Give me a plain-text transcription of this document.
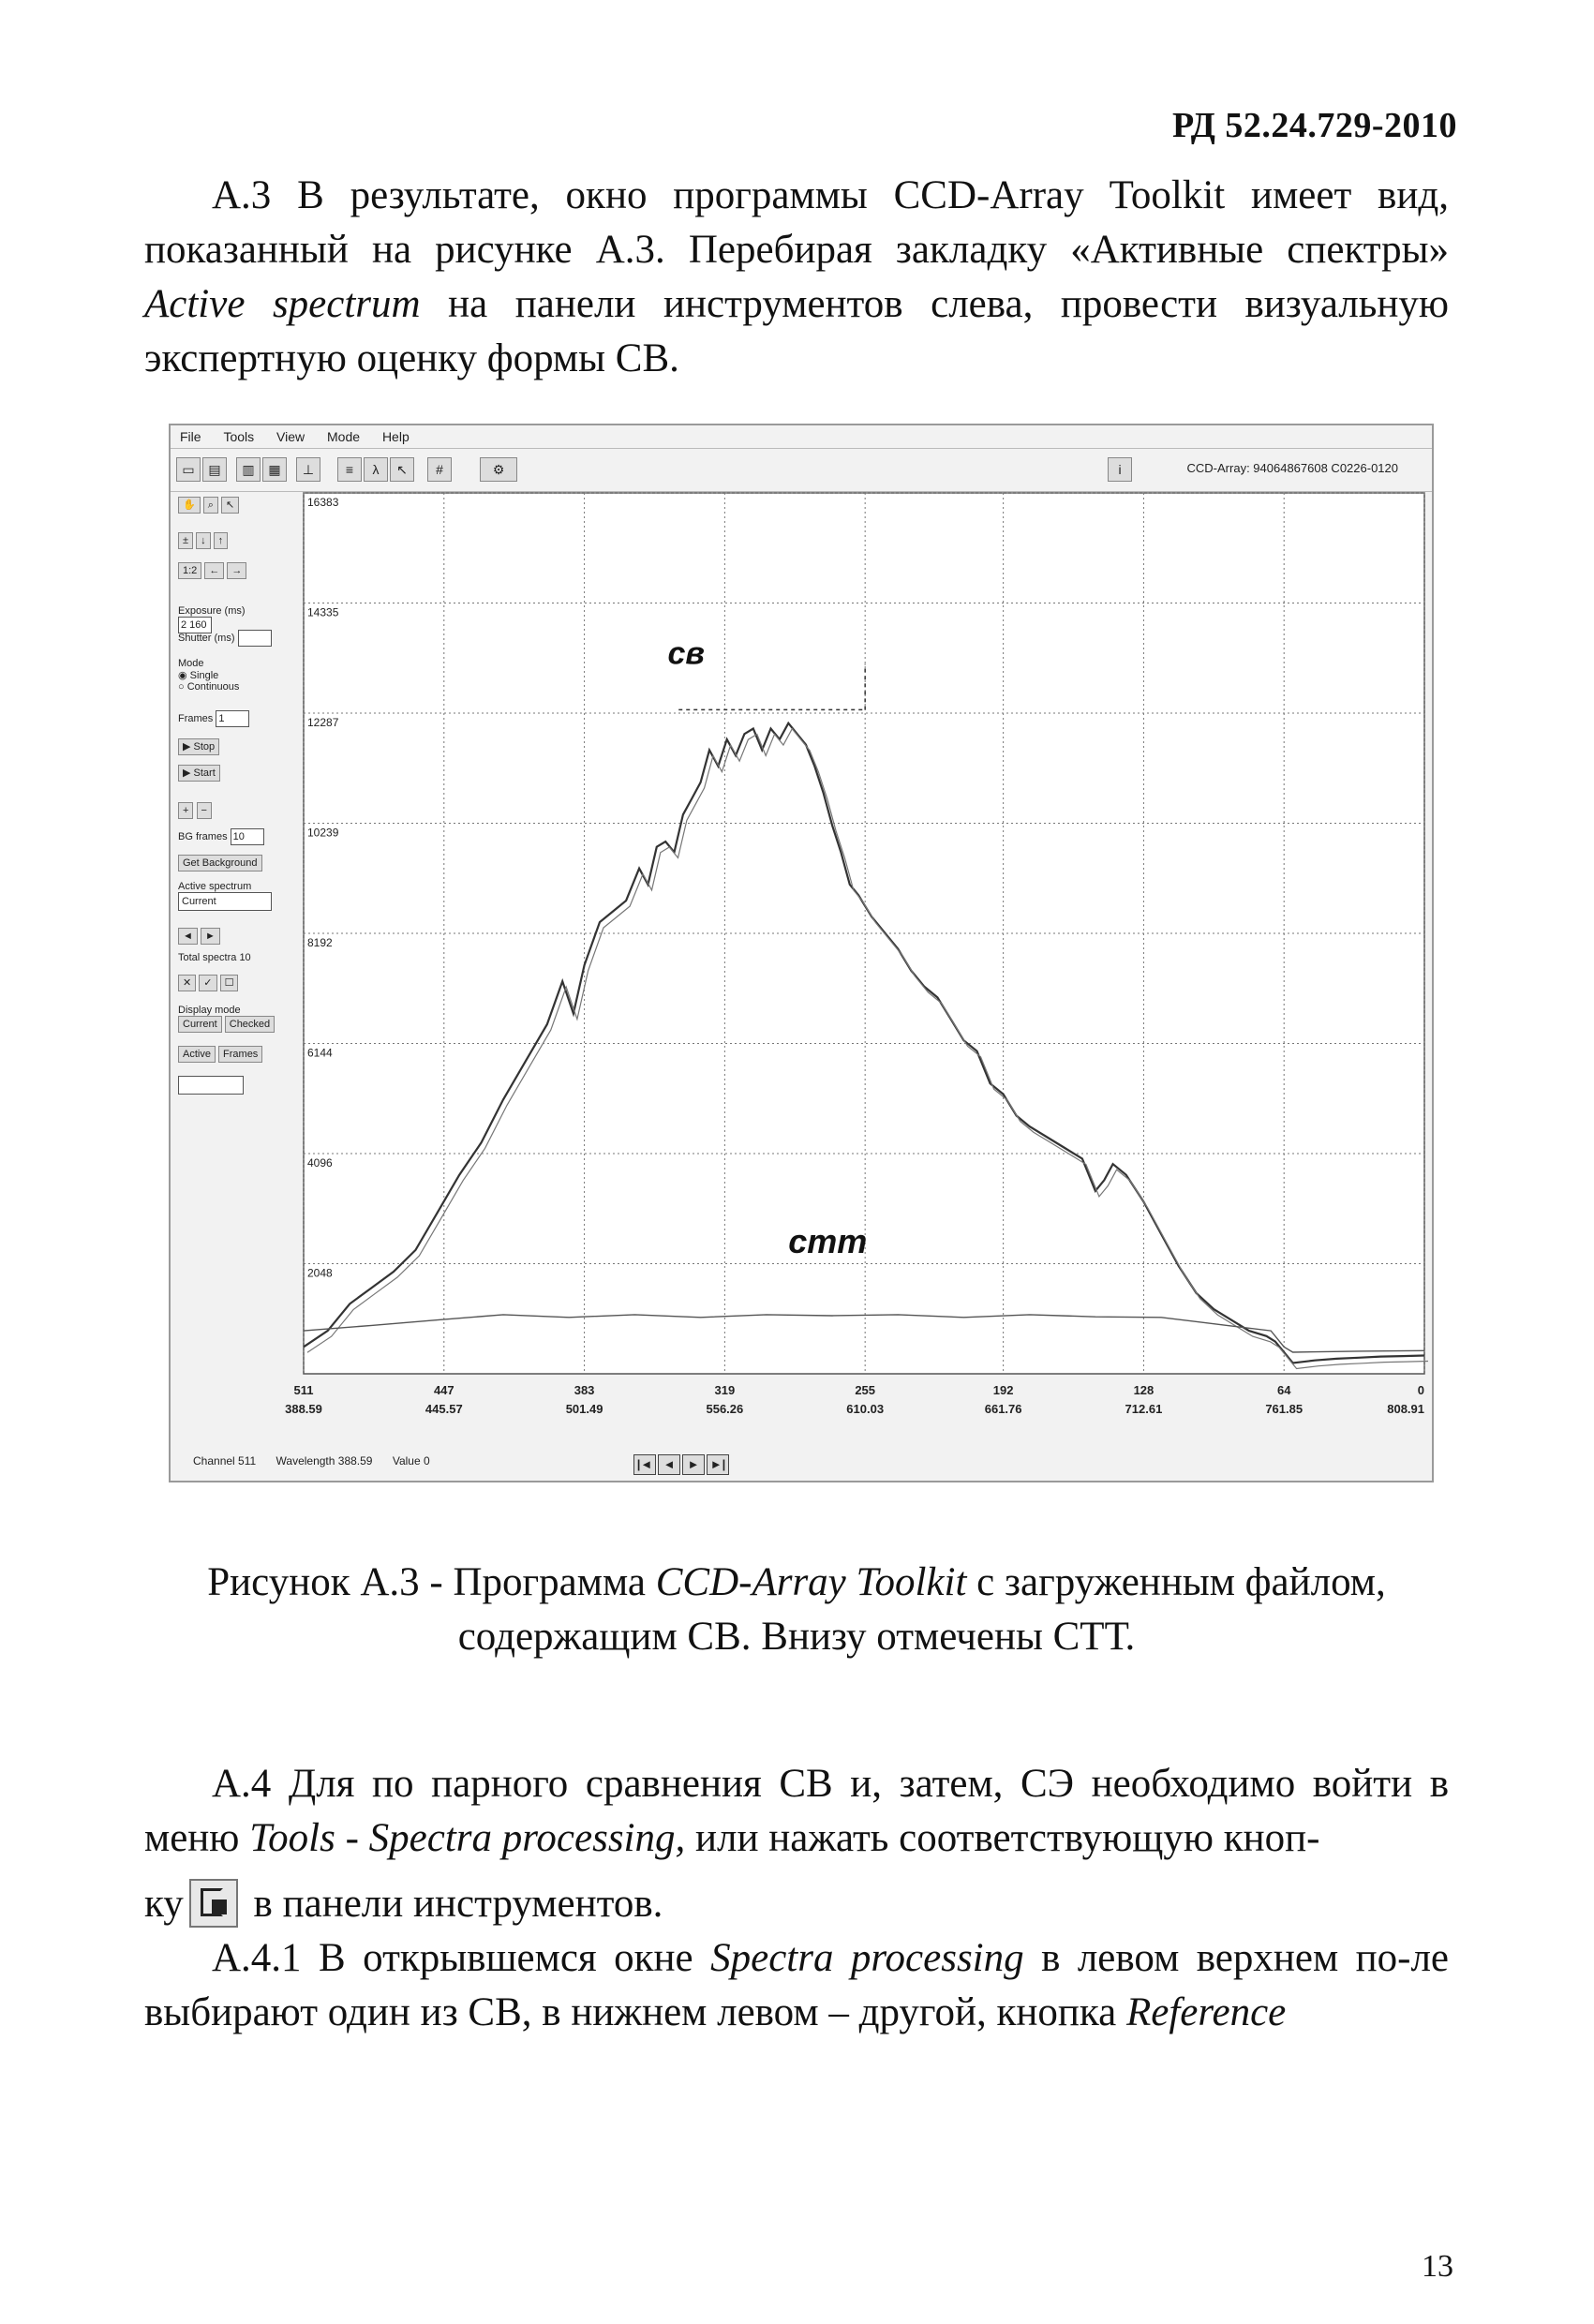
РД 52.24.729-2010
А.3 В результате, окно программы CCD-Array Toolkit имеет вид, показанный на рисунке А.3. Перебирая закладку «Активные спектры» Active spectrum на панели инструментов слева, провести визуальную экспертную оценку формы СВ.
File Tools View Mode Help
▭	▤	▥	▦	⊥	≡	λ	↖	#	⚙	i	CCD-Array: 94064867608 C0226-0120
✋ ⌕ ↖
± ↓ ↑
1:2 ← →
Exposure (ms) 2 160
Shutter (ms)
Mode
◉ Single
○ Continuous
Frames 1
▶ Stop
▶ Start
+ −
BG frames 10
Get Background
Active spectrum
Current
◄ ►
Total spectra 10
✕ ✓ ☐
Display mode
Current Checked
Active Frames
16383
14335
12287
10239
8192
6144
4096
2048
511
388.59
447
445.57
383
501.49
319
556.26
255
610.03
192
661.76
128
712.61
64
761.85
0
808.91
св
cmm
Channel 511 Wavelength 388.59 Value 0	|◄ ◄	► ►|
Рисунок А.3 - Программа CCD-Array Toolkit с загруженным файлом,
содержащим СВ. Внизу отмечены СТТ.
А.4 Для по парного сравнения СВ и, затем, СЭ необходимо войти в меню Tools - Spectra processing, или нажать соответствующую кноп-
ку в панели инструментов.
А.4.1 В открывшемся окне Spectra processing в левом верхнем по-ле выбирают один из СВ, в нижнем левом – другой, кнопка Reference
13
